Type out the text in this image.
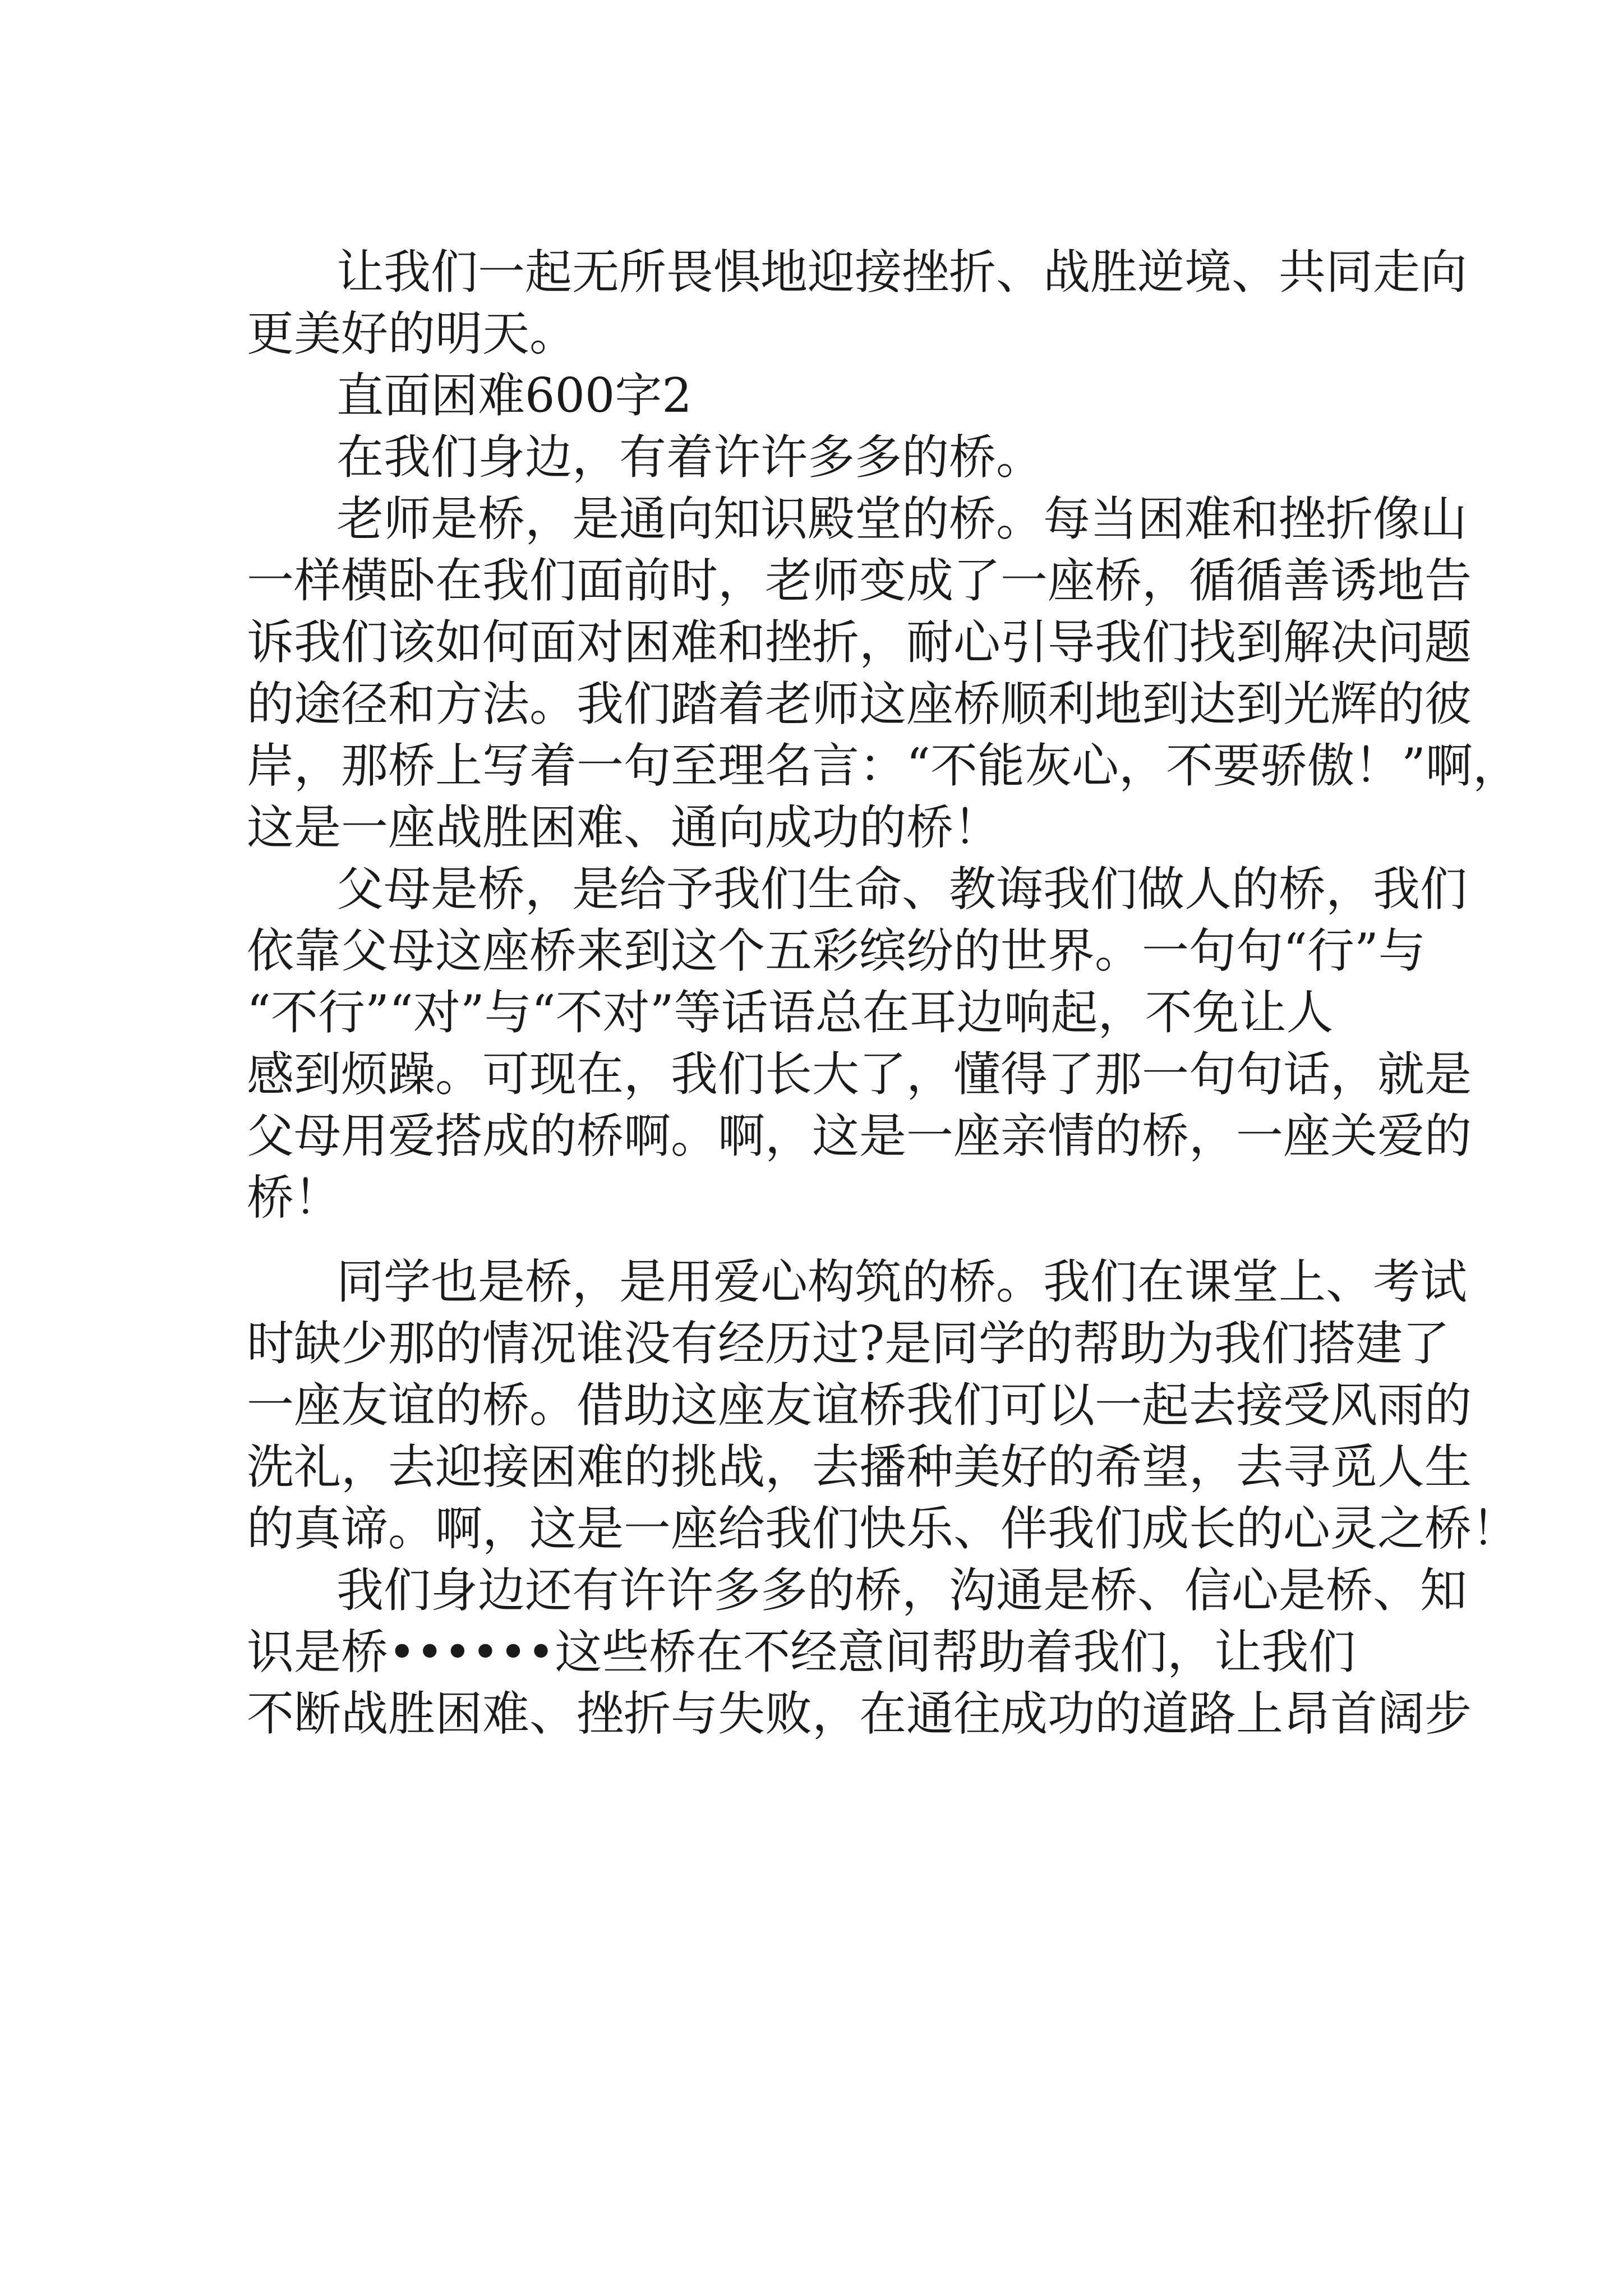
让我们一起无所畏惧地迎接挫折、战胜逆境、共同走向
更美好的明天。
直面困难600字2
在我们身边，有着许许多多的桥。
老师是桥，是通向知识殿堂的桥。每当困难和挫折像山
一样横卧在我们面前时，老师变成了一座桥，循循善诱地告
诉我们该如何面对困难和挫折，耐心引导我们找到解决问题
的途径和方法。我们踏着老师这座桥顺利地到达到光辉的彼
岸，那桥上写着一句至理名言：“不能灰心，不要骄傲！”啊，
这是一座战胜困难、通向成功的桥！
父母是桥，是给予我们生命、教诲我们做人的桥，我们
依靠父母这座桥来到这个五彩缤纷的世界。一句句“行”与
“不行”“对”与“不对”等话语总在耳边响起，不免让人
感到烦躁。可现在，我们长大了，懂得了那一句句话，就是
父母用爱搭成的桥啊。啊，这是一座亲情的桥，一座关爱的
桥！
同学也是桥，是用爱心构筑的桥。我们在课堂上、考试
时缺少那的情况谁没有经历过?是同学的帮助为我们搭建了
一座友谊的桥。借助这座友谊桥我们可以一起去接受风雨的
洗礼，去迎接困难的挑战，去播种美好的希望，去寻觅人生
的真谛。啊，这是一座给我们快乐、伴我们成长的心灵之桥！
我们身边还有许许多多的桥，沟通是桥、信心是桥、知
识是桥••••••这些桥在不经意间帮助着我们，让我们
不断战胜困难、挫折与失败，在通往成功的道路上昂首阔步
